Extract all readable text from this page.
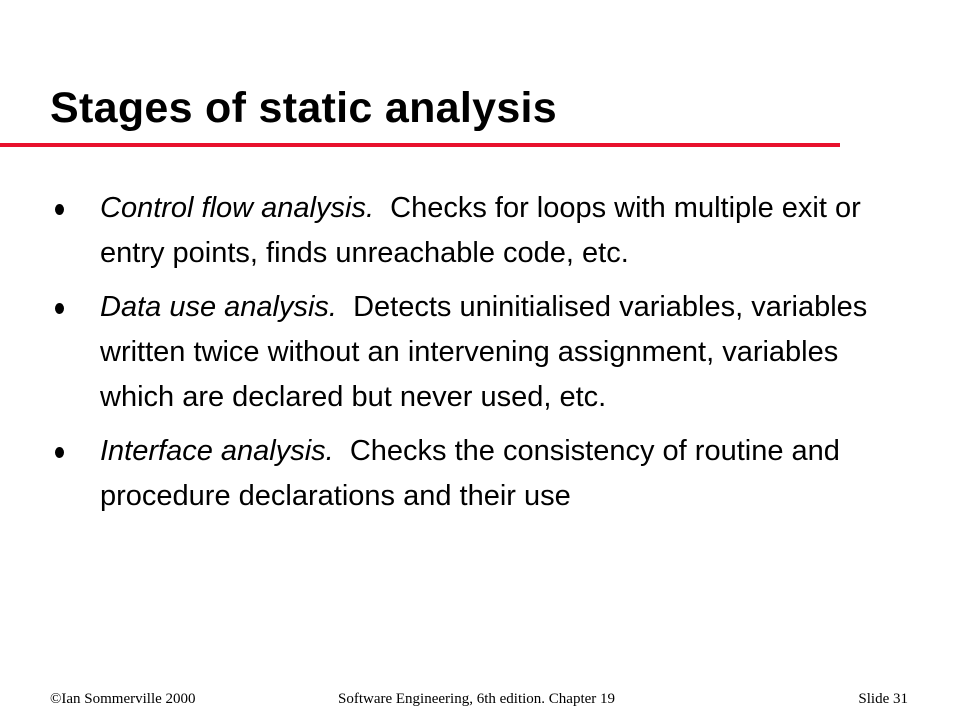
Stages of static analysis
Control flow analysis. Checks for loops with multiple exit or entry points, finds unreachable code, etc.
Data use analysis. Detects uninitialised variables, variables written twice without an intervening assignment, variables which are declared but never used, etc.
Interface analysis. Checks the consistency of routine and procedure declarations and their use
©Ian Sommerville 2000	Software Engineering, 6th edition. Chapter 19	Slide 31
